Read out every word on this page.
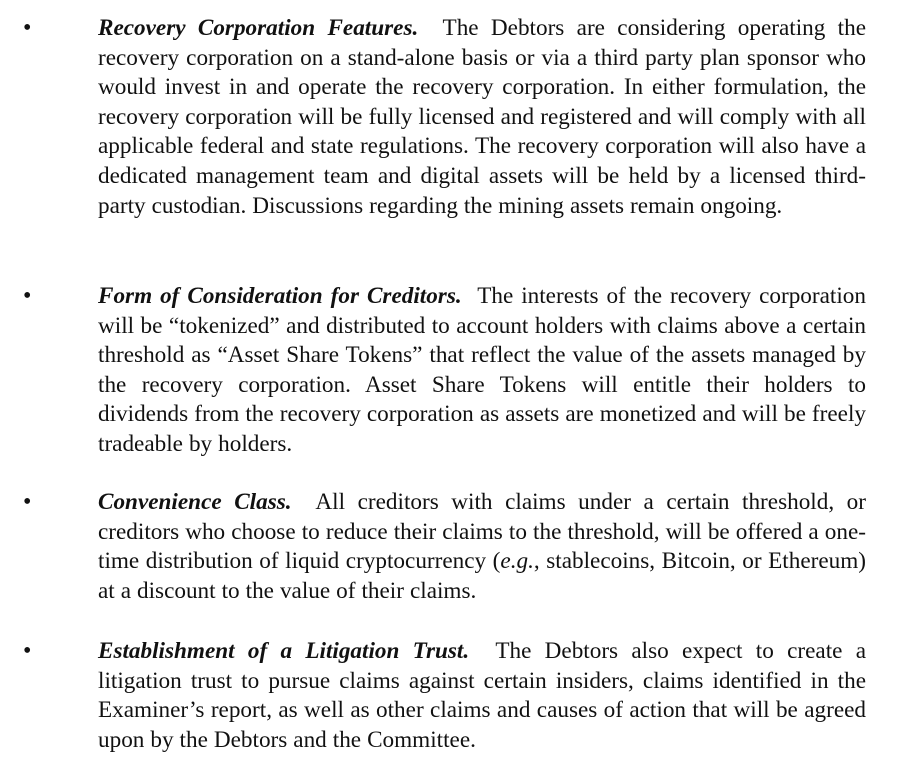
•	Recovery Corporation Features. The Debtors are considering operating the recovery corporation on a stand-alone basis or via a third party plan sponsor who would invest in and operate the recovery corporation. In either formulation, the recovery corporation will be fully licensed and registered and will comply with all applicable federal and state regulations. The recovery corporation will also have a dedicated management team and digital assets will be held by a licensed third-party custodian. Discussions regarding the mining assets remain ongoing.
•	Form of Consideration for Creditors. The interests of the recovery corporation will be “tokenized” and distributed to account holders with claims above a certain threshold as “Asset Share Tokens” that reflect the value of the assets managed by the recovery corporation. Asset Share Tokens will entitle their holders to dividends from the recovery corporation as assets are monetized and will be freely tradeable by holders.
•	Convenience Class. All creditors with claims under a certain threshold, or creditors who choose to reduce their claims to the threshold, will be offered a one-time distribution of liquid cryptocurrency (e.g., stablecoins, Bitcoin, or Ethereum) at a discount to the value of their claims.
•	Establishment of a Litigation Trust. The Debtors also expect to create a litigation trust to pursue claims against certain insiders, claims identified in the Examiner’s report, as well as other claims and causes of action that will be agreed upon by the Debtors and the Committee.
